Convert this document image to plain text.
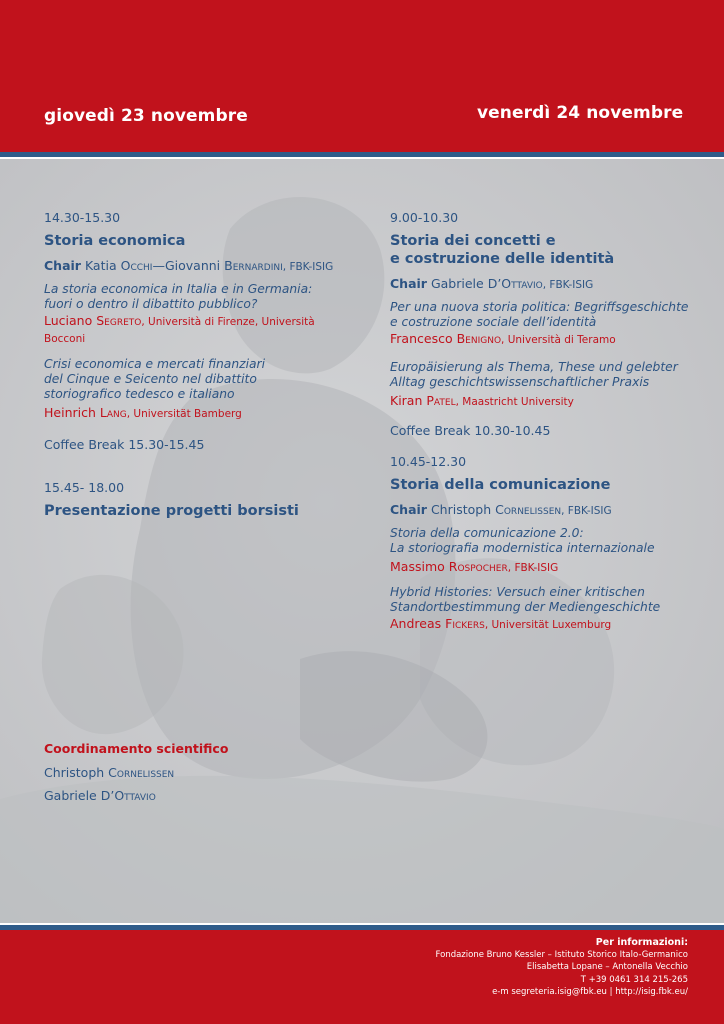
giovedì 23 novembre	venerdì 24 novembre
14.30-15.30
Storia economica
Chair Katia Occhi—Giovanni Bernardini, FBK-ISIG
La storia economica in Italia e in Germania:
fuori o dentro il dibattito pubblico?
Luciano Segreto, Università di Firenze, Università Bocconi
Crisi economica e mercati finanziari
del Cinque e Seicento nel dibattito
storiografico tedesco e italiano
Heinrich Lang, Universität Bamberg
Coffee Break 15.30-15.45
15.45- 18.00
Presentazione progetti borsisti
9.00-10.30
Storia dei concetti e
e costruzione delle identità
Chair Gabriele D’Ottavio, FBK-ISIG
Per una nuova storia politica: Begriffsgeschichte
e costruzione sociale dell’identità
Francesco Benigno, Università di Teramo
Europäisierung als Thema, These und gelebter
Alltag geschichtswissenschaftlicher Praxis
Kiran Patel, Maastricht University
Coffee Break 10.30-10.45
10.45-12.30
Storia della comunicazione
Chair Christoph Cornelißen, FBK-ISIG
Storia della comunicazione 2.0:
La storiografia modernistica internazionale
Massimo Rospocher, FBK-ISIG
Hybrid Histories: Versuch einer kritischen
Standortbestimmung der Mediengeschichte
Andreas Fickers, Universität Luxemburg
Coordinamento scientifico
Christoph Cornelißen
Gabriele D’Ottavio
Per informazioni:
Fondazione Bruno Kessler – Istituto Storico Italo-Germanico
Elisabetta Lopane – Antonella Vecchio
T +39 0461 314 215-265
e-m segreteria.isig@fbk.eu | http://isig.fbk.eu/
